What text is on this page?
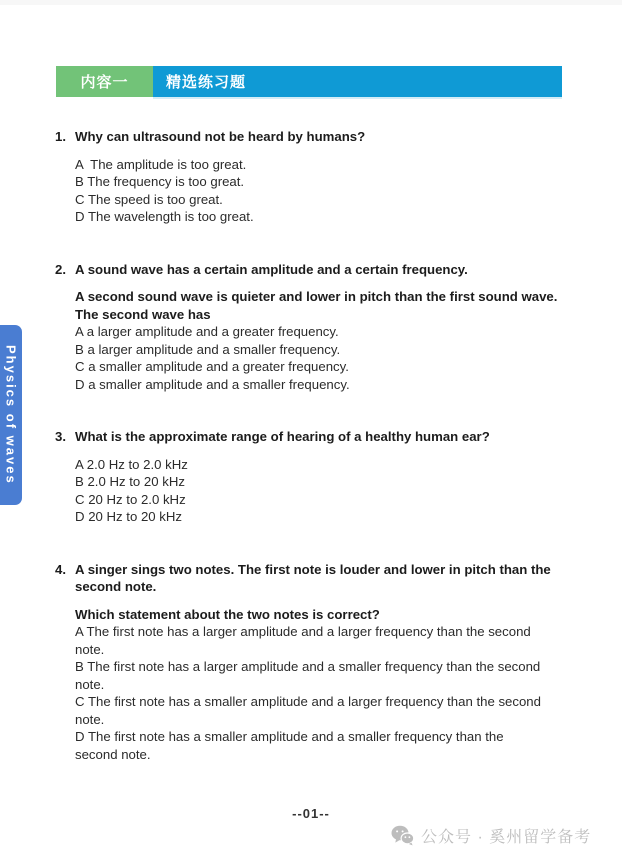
内容一	精选练习题
Physics of waves
1. Why can ultrasound not be heard by humans?
A  The amplitude is too great.
B The frequency is too great.
C The speed is too great.
D The wavelength is too great.
2. A sound wave has a certain amplitude and a certain frequency.
A second sound wave is quieter and lower in pitch than the first sound wave.
The second wave has
A a larger amplitude and a greater frequency.
B a larger amplitude and a smaller frequency.
C a smaller amplitude and a greater frequency.
D a smaller amplitude and a smaller frequency.
3. What is the approximate range of hearing of a healthy human ear?
A 2.0 Hz to 2.0 kHz
B 2.0 Hz to 20 kHz
C 20 Hz to 2.0 kHz
D 20 Hz to 20 kHz
4. A singer sings two notes. The first note is louder and lower in pitch than the
second note.
Which statement about the two notes is correct?
A The first note has a larger amplitude and a larger frequency than the second
note.
B The first note has a larger amplitude and a smaller frequency than the second
note.
C The first note has a smaller amplitude and a larger frequency than the second
note.
D The first note has a smaller amplitude and a smaller frequency than the
second note.
--01--
公众号 · 奚州留学备考
